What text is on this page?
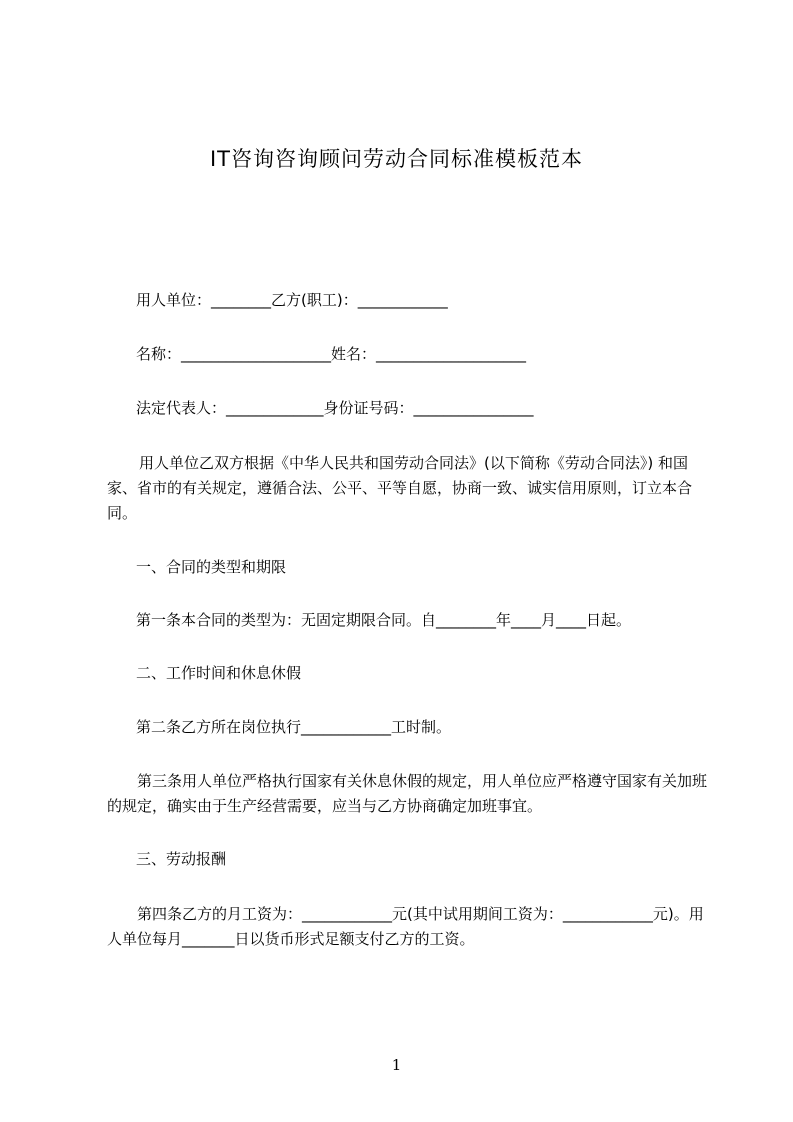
IT咨询咨询顾问劳动合同标准模板范本
用人单位：________乙方(职工)：____________
名称：____________________姓名：____________________
法定代表人：_____________身份证号码：________________
用人单位乙双方根据《中华人民共和国劳动合同法》(以下简称《劳动合同法》) 和国家、省市的有关规定，遵循合法、公平、平等自愿，协商一致、诚实信用原则，订立本合同。
一、合同的类型和期限
第一条本合同的类型为：无固定期限合同。自________年____月____日起。
二、工作时间和休息休假
第二条乙方所在岗位执行____________工时制。
第三条用人单位严格执行国家有关休息休假的规定，用人单位应严格遵守国家有关加班的规定，确实由于生产经营需要，应当与乙方协商确定加班事宜。
三、劳动报酬
第四条乙方的月工资为：____________元(其中试用期间工资为：____________元)。用人单位每月_______日以货币形式足额支付乙方的工资。
1
